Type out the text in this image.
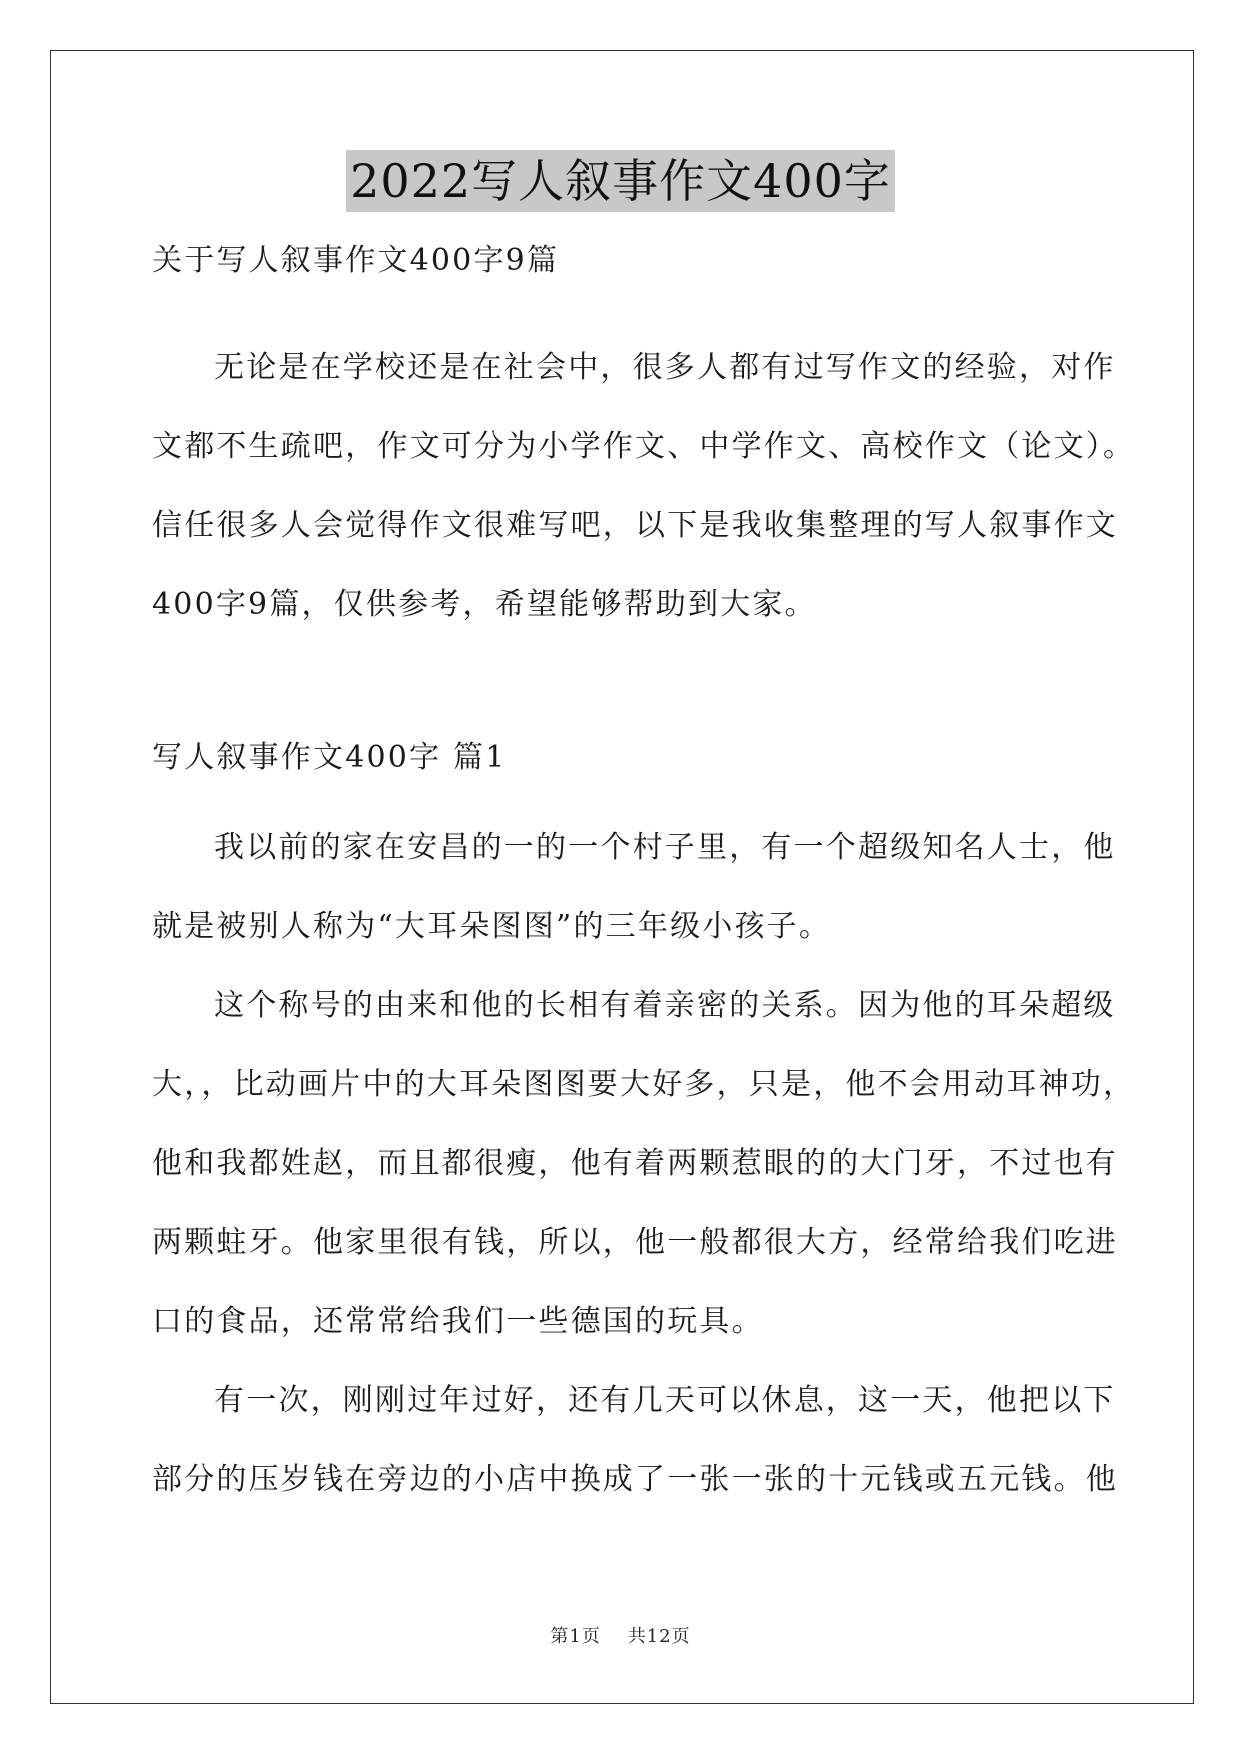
2022写人叙事作文400字
关于写人叙事作文400字9篇
无论是在学校还是在社会中，很多人都有过写作文的经验，对作
文都不生疏吧，作文可分为小学作文、中学作文、高校作文（论文）。
信任很多人会觉得作文很难写吧，以下是我收集整理的写人叙事作文
400字9篇，仅供参考，希望能够帮助到大家。
写人叙事作文400字 篇1
我以前的家在安昌的一的一个村子里，有一个超级知名人士，他
就是被别人称为“大耳朵图图”的三年级小孩子。
这个称号的由来和他的长相有着亲密的关系。因为他的耳朵超级
大，，比动画片中的大耳朵图图要大好多，只是，他不会用动耳神功，
他和我都姓赵，而且都很瘦，他有着两颗惹眼的的大门牙，不过也有
两颗蛀牙。他家里很有钱，所以，他一般都很大方，经常给我们吃进
口的食品，还常常给我们一些德国的玩具。
有一次，刚刚过年过好，还有几天可以休息，这一天，他把以下
部分的压岁钱在旁边的小店中换成了一张一张的十元钱或五元钱。他
第1页 共12页
